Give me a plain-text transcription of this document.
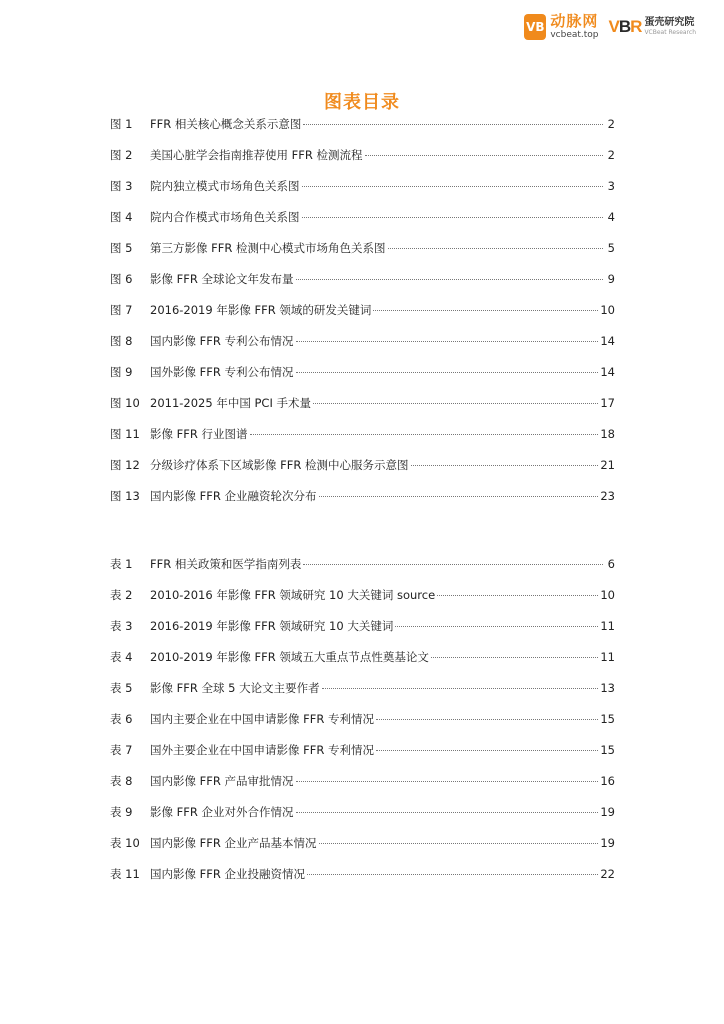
VB 动脉网
vcbeat.top VBR 蛋壳研究院
VCBeat Research
图表目录
图 1 FFR 相关核心概念关系示意图	2
图 2 美国心脏学会指南推荐使用 FFR 检测流程	2
图 3 院内独立模式市场角色关系图	3
图 4 院内合作模式市场角色关系图	4
图 5 第三方影像 FFR 检测中心模式市场角色关系图	5
图 6 影像 FFR 全球论文年发布量	9
图 7 2016-2019 年影像 FFR 领域的研发关键词	10
图 8 国内影像 FFR 专利公布情况	14
图 9 国外影像 FFR 专利公布情况	14
图 10 2011-2025 年中国 PCI 手术量	17
图 11 影像 FFR 行业图谱	18
图 12 分级诊疗体系下区域影像 FFR 检测中心服务示意图	21
图 13 国内影像 FFR 企业融资轮次分布	23
表 1 FFR 相关政策和医学指南列表	6
表 2 2010-2016 年影像 FFR 领域研究 10 大关键词 source	10
表 3 2016-2019 年影像 FFR 领域研究 10 大关键词	11
表 4 2010-2019 年影像 FFR 领域五大重点节点性奠基论文	11
表 5 影像 FFR 全球 5 大论文主要作者	13
表 6 国内主要企业在中国申请影像 FFR 专利情况	15
表 7 国外主要企业在中国申请影像 FFR 专利情况	15
表 8 国内影像 FFR 产品审批情况	16
表 9 影像 FFR 企业对外合作情况	19
表 10 国内影像 FFR 企业产品基本情况	19
表 11 国内影像 FFR 企业投融资情况	22
